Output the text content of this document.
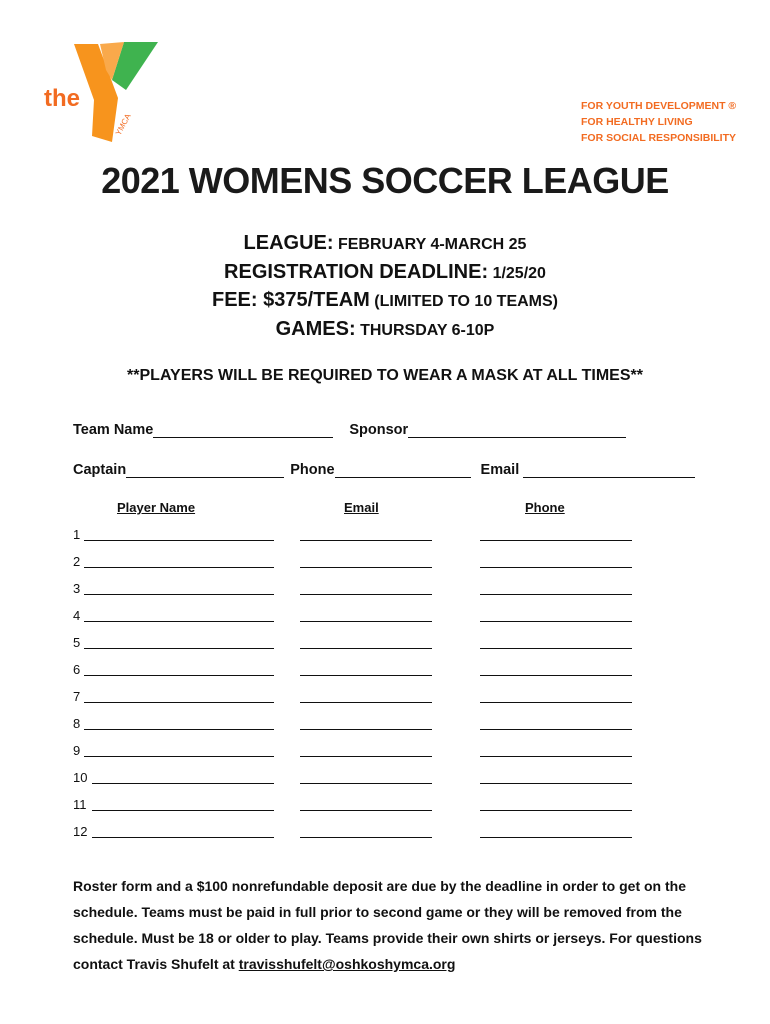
the
YMCA
FOR YOUTH DEVELOPMENT ®
FOR HEALTHY LIVING
FOR SOCIAL RESPONSIBILITY
2021 WOMENS SOCCER LEAGUE
LEAGUE: FEBRUARY 4-MARCH 25
REGISTRATION DEADLINE: 1/25/20
FEE: $375/TEAM (LIMITED TO 10 TEAMS)
GAMES: THURSDAY 6-10P
**PLAYERS WILL BE REQUIRED TO WEAR A MASK AT ALL TIMES**
Team Name	Sponsor
Captain	Phone	Email
Player Name	Email	Phone
1
2
3
4
5
6
7
8
9
10
11
12
Roster form and a $100 nonrefundable deposit are due by the deadline in order to get on the schedule. Teams must be paid in full prior to second game or they will be removed from the schedule. Must be 18 or older to play. Teams provide their own shirts or jerseys. For questions contact Travis Shufelt at travisshufelt@oshkoshymca.org
